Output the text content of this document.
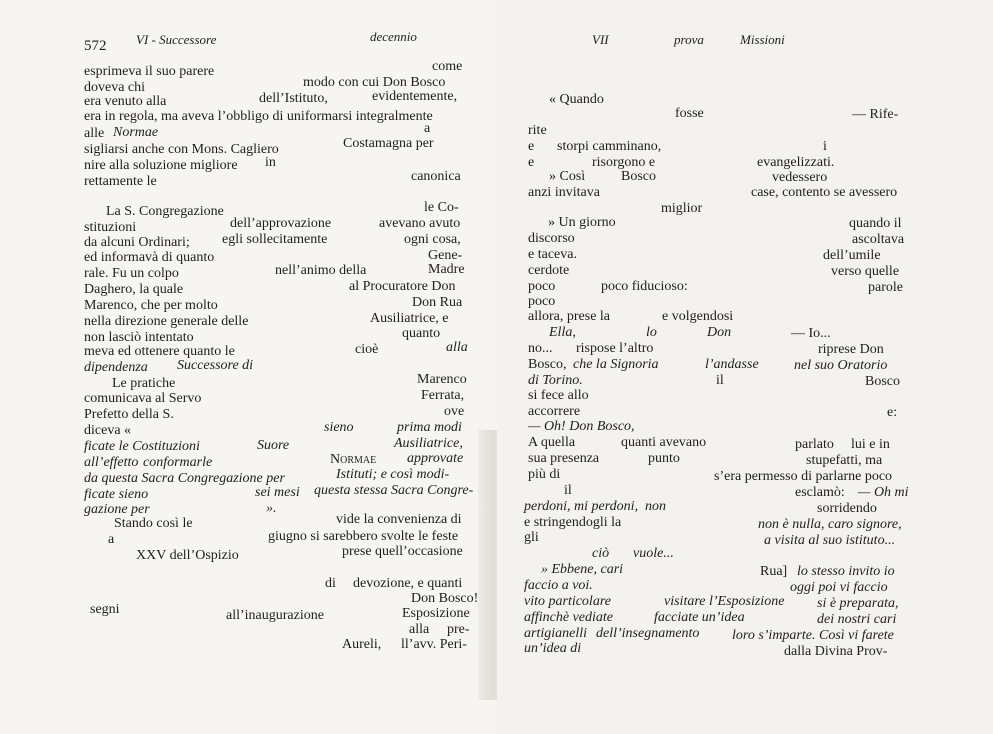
572 VI - Successore	decennio
come
esprimeva il suo parere
doveva chi	modo con cui Don Bosco
era venuto alla	dell’Istituto,	evidentemente,
era in regola, ma aveva l’obbligo di uniformarsi integralmente
alle Normae	a
sigliarsi anche con Mons. Cagliero	Costamagna per
nire alla soluzione migliore in
rettamente le	canonica
le Co-
La S. Congregazione
stituzioni	dell’approvazione	avevano avuto
da alcuni Ordinari; egli sollecitamente	ogni cosa,
ed informavà di quanto	Gene-
rale. Fu un colpo	nell’animo della	Madre
Daghero, la quale	al Procuratore Don
Marenco, che per molto	Don Rua
nella direzione generale delle	Ausiliatrice, e
quanto
non lasciò intentato
meva ed ottenere quanto le	cioè	alla
dipendenza Successore di
Le pratiche	Marenco
comunicava al Servo	Ferrata,
Prefetto della S.	ove
diceva «	sieno	prima modi
ficate le Costituzioni	Suore	Ausiliatrice,
all’effetto conformarle	Normae approvate
da questa Sacra Congregazione per	Istituti; e così modi-
ficate sieno	sei mesi questa stessa Sacra Congre-
gazione per	».
Stando così le	vide la convenienza di
a	giugno si sarebbero svolte le feste
XXV dell’Ospizio	prese quell’occasione
di devozione, e quanti
Don Bosco!
segni	all’inaugurazione	Esposizione
alla pre-
Aureli, ll’avv. Peri-
VII	prova	Missioni
« Quando
fosse	— Rife-
rite
e storpi camminano,	i
e	risorgono e	evangelizzati.
» Così	Bosco	vedessero
anzi invitava	case, contento se avessero
miglior
» Un giorno	quando il
discorso	ascoltava
e taceva.	dell’umile
cerdote	verso quelle
poco	poco fiducioso:	parole
poco
allora, prese la	e volgendosi
Ella,	lo	Don	— Io...
no... rispose l’altro	riprese Don
Bosco, che la Signoria	l’andasse	nel suo Oratorio
di Torino.	il	Bosco
si fece allo
accorrere	e:
— Oh! Don Bosco,
A quella	quanti avevano	parlato lui e in
sua presenza	punto	stupefatti, ma
più di	s’era permesso di parlarne poco
il	esclamò: — Oh mi
perdoni, mi perdoni, non	sorridendo
e stringendogli la	non è nulla, caro signore,
gli	a visita al suo istituto...
ciò vuole...
» Ebbene, cari	Rua] lo stesso invito io
faccio a voi.	oggi poi vi faccio
vito particolare	visitare l’Esposizione si è preparata,
affinchè vediate	facciate un’idea	dei nostri cari
artigianelli dell’insegnamento loro s’imparte. Così vi farete
un’idea di	dalla Divina Prov-
